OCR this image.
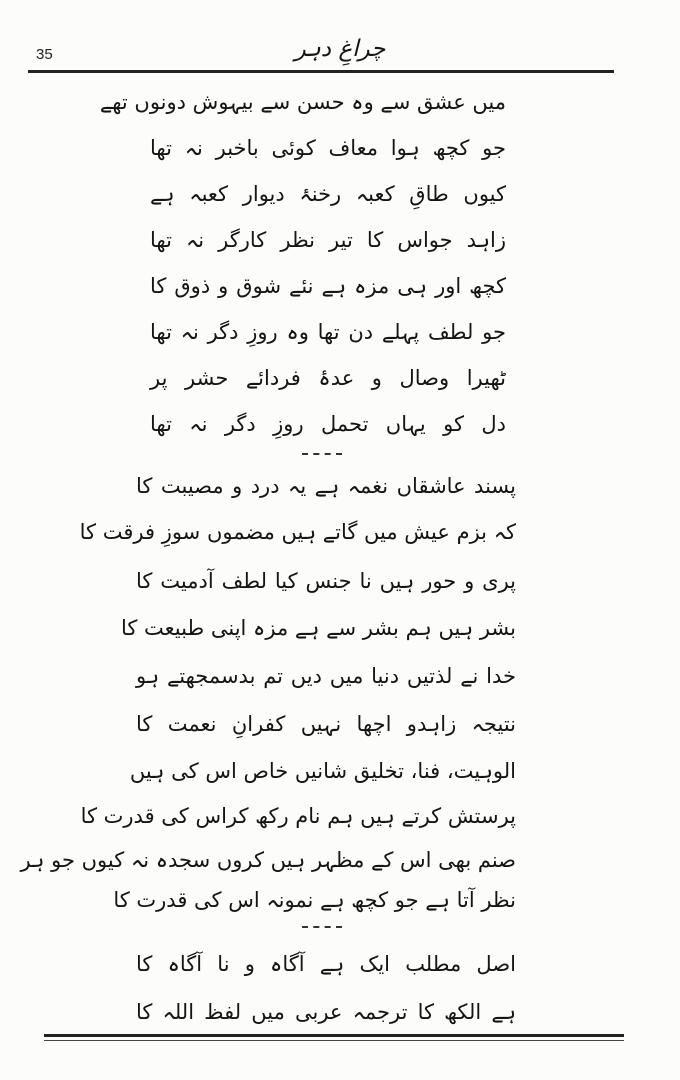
35	چراغِ دہر
میں عشق سے وہ حسن سے بیہوش دونوں تھے
جو کچھ ہوا معاف کوئی باخبر نہ تھا
کیوں طاقِ کعبہ رخنۂ دیوار کعبہ ہے
زاہد جواس کا تیر نظر کارگر نہ تھا
کچھ اور ہی مزہ ہے نئے شوق و ذوق کا
جو لطف پہلے دن تھا وہ روزِ دگر نہ تھا
ٹھیرا وصال و عدۂ فردائے حشر پر
دل کو یہاں تحمل روزِ دگر نہ تھا
پسند عاشقاں نغمہ ہے یہ درد و مصیبت کا
کہ بزم عیش میں گاتے ہیں مضموں سوزِ فرقت کا
پری و حور ہیں نا جنس کیا لطف آدمیت کا
بشر ہیں ہم بشر سے ہے مزہ اپنی طبیعت کا
خدا نے لذتیں دنیا میں دیں تم بدسمجھتے ہو
نتیجہ زاہدو اچھا نہیں کفرانِ نعمت کا
الوہیت، فنا، تخلیق شانیں خاص اس کی ہیں
پرستش کرتے ہیں ہم نام رکھ کراس کی قدرت کا
صنم بھی اس کے مظہر ہیں کروں سجدہ نہ کیوں جو ہر
نظر آتا ہے جو کچھ ہے نمونہ اس کی قدرت کا
اصل مطلب ایک ہے آگاہ و نا آگاہ کا
ہے الکھ کا ترجمہ عربی میں لفظ اللہ کا
